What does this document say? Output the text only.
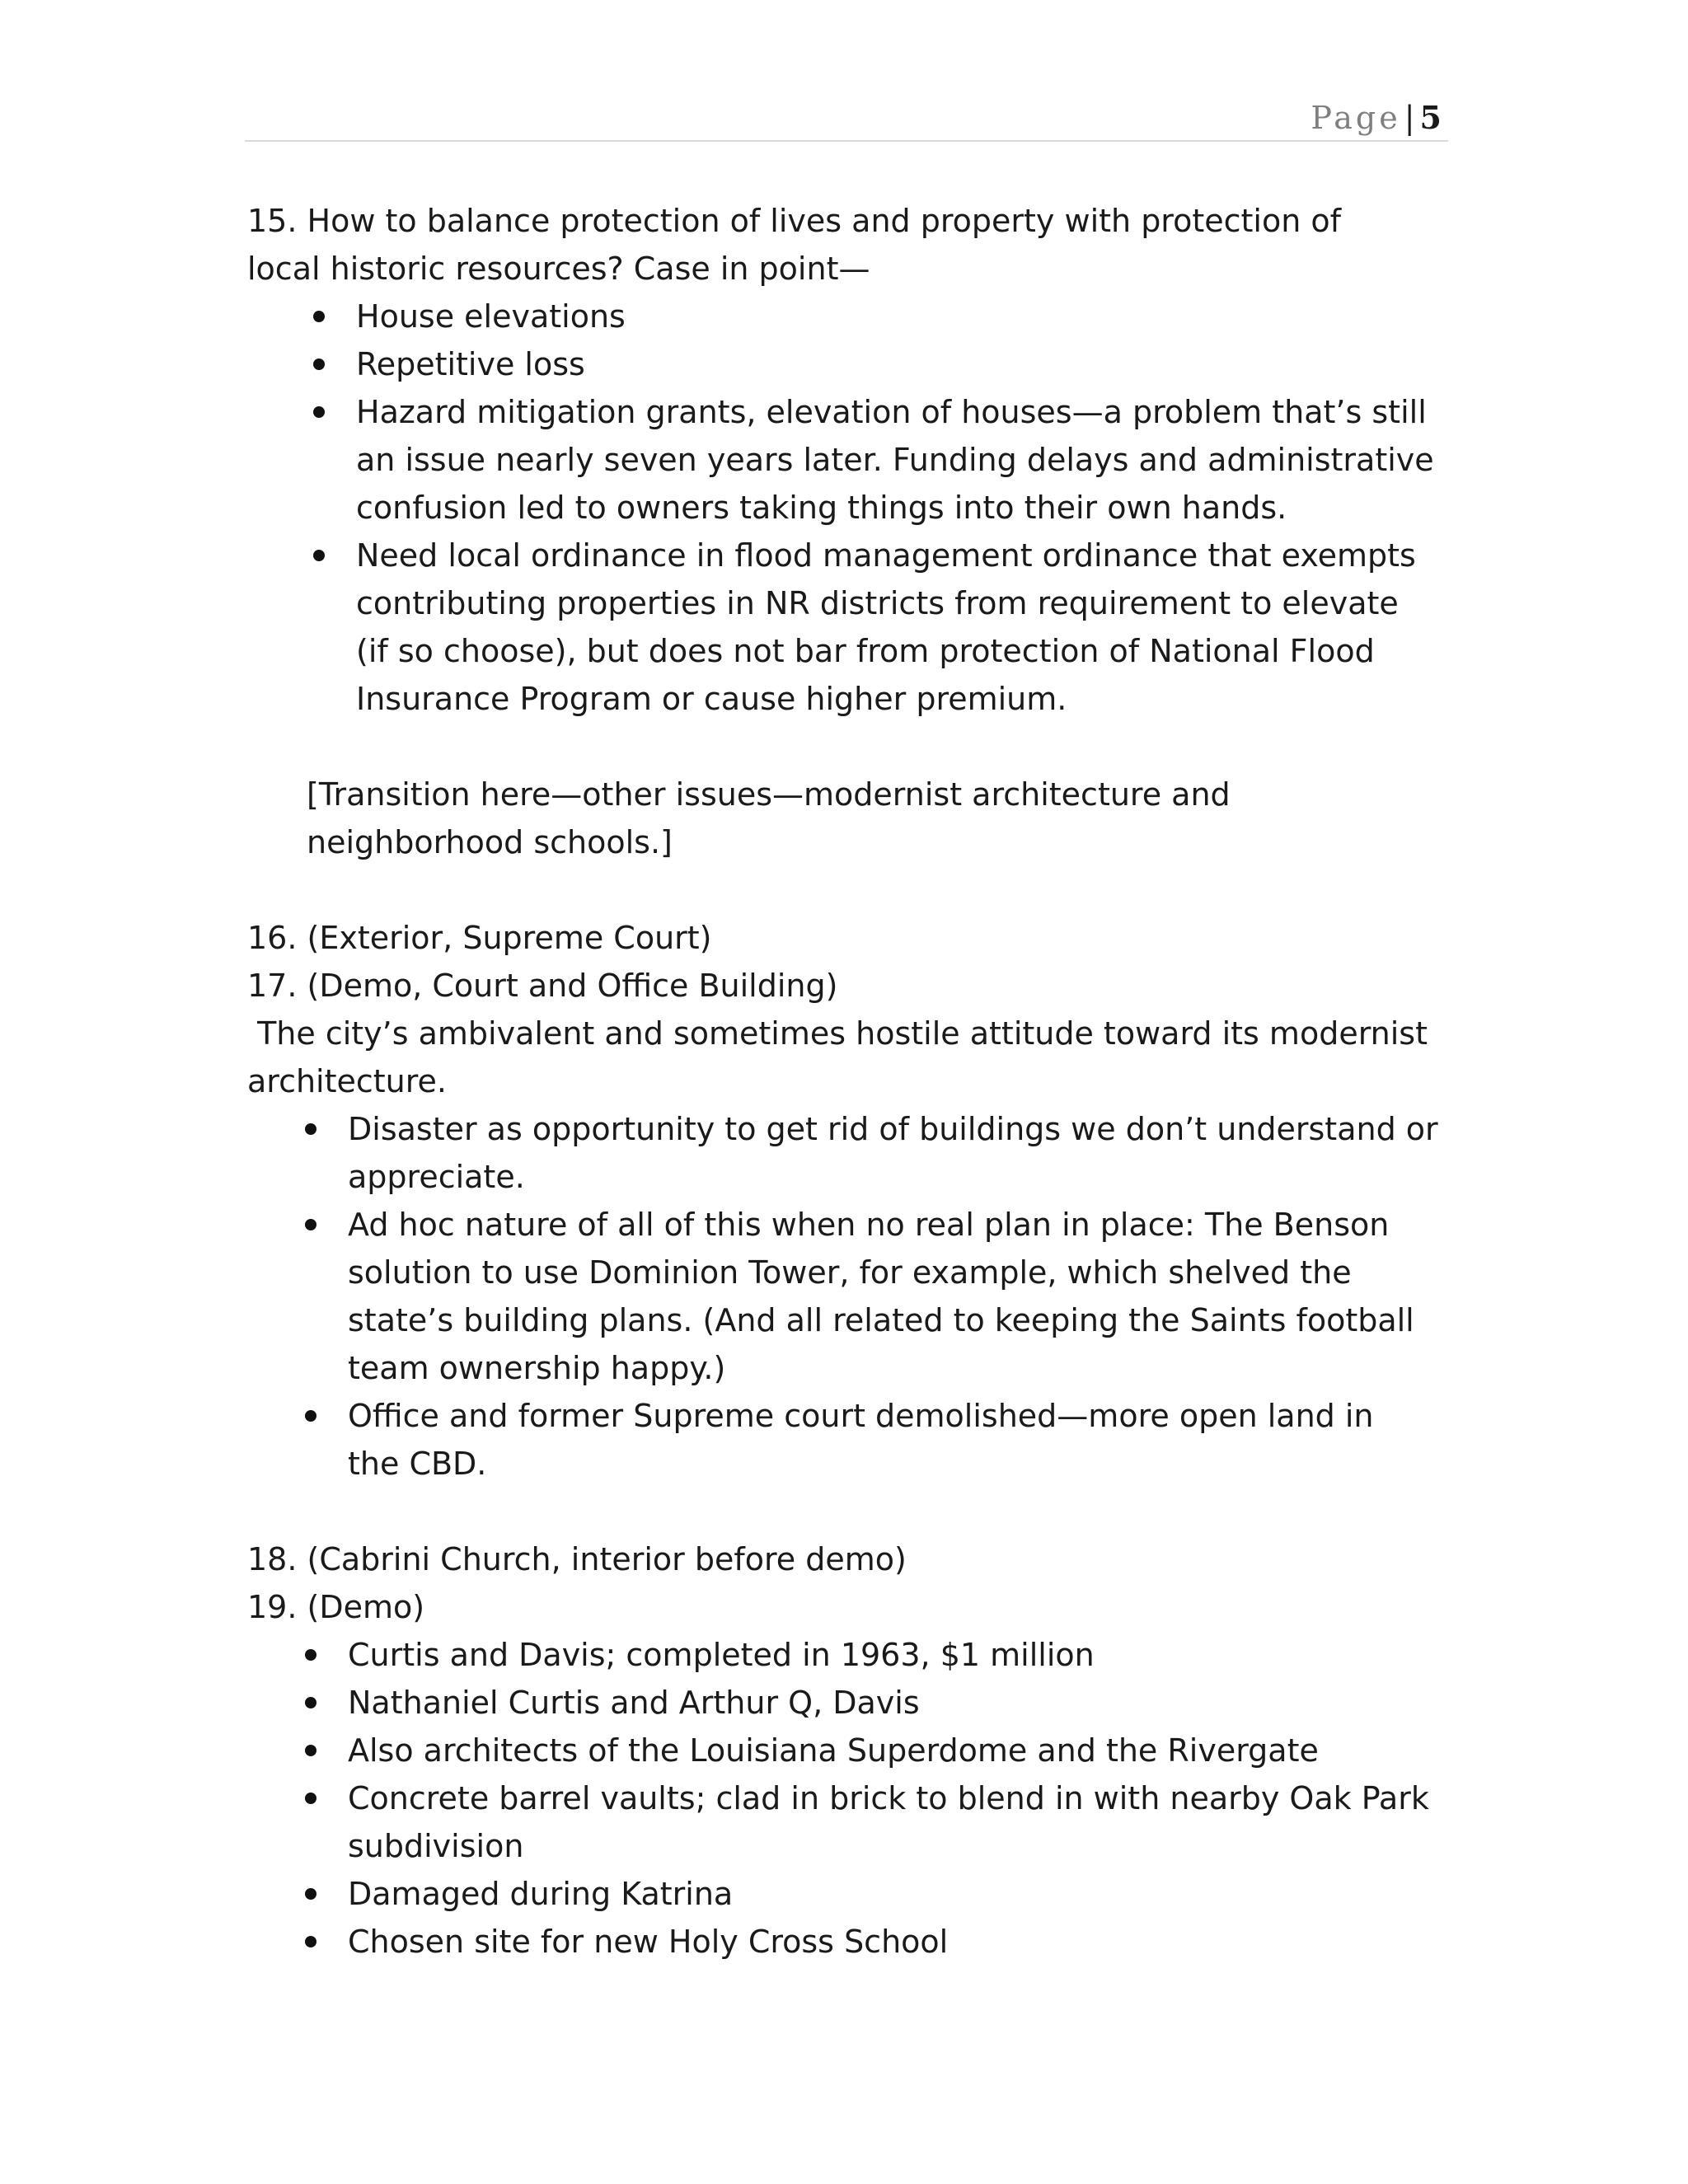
Page |5

15. How to balance protection of lives and property with protection of

local historic resources? Case in point—

House elevations
Repetitive loss
Hazard mitigation grants, elevation of houses—a problem that’s still
an issue nearly seven years later. Funding delays and administrative
confusion led to owners taking things into their own hands.
Need local ordinance in flood management ordinance that exempts
contributing properties in NR districts from requirement to elevate
(if so choose), but does not bar from protection of National Flood
Insurance Program or cause higher premium.

[Transition here—other issues—modernist architecture and

neighborhood schools.]

16. (Exterior, Supreme Court)

17. (Demo, Court and Office Building)

The city’s ambivalent and sometimes hostile attitude toward its modernist

architecture.

Disaster as opportunity to get rid of buildings we don’t understand or
appreciate.
Ad hoc nature of all of this when no real plan in place: The Benson
solution to use Dominion Tower, for example, which shelved the
state’s building plans. (And all related to keeping the Saints football
team ownership happy.)
Office and former Supreme court demolished—more open land in
the CBD.

18. (Cabrini Church, interior before demo)

19. (Demo)

Curtis and Davis; completed in 1963, $1 million
Nathaniel Curtis and Arthur Q, Davis
Also architects of the Louisiana Superdome and the Rivergate
Concrete barrel vaults; clad in brick to blend in with nearby Oak Park
subdivision
Damaged during Katrina
Chosen site for new Holy Cross School
